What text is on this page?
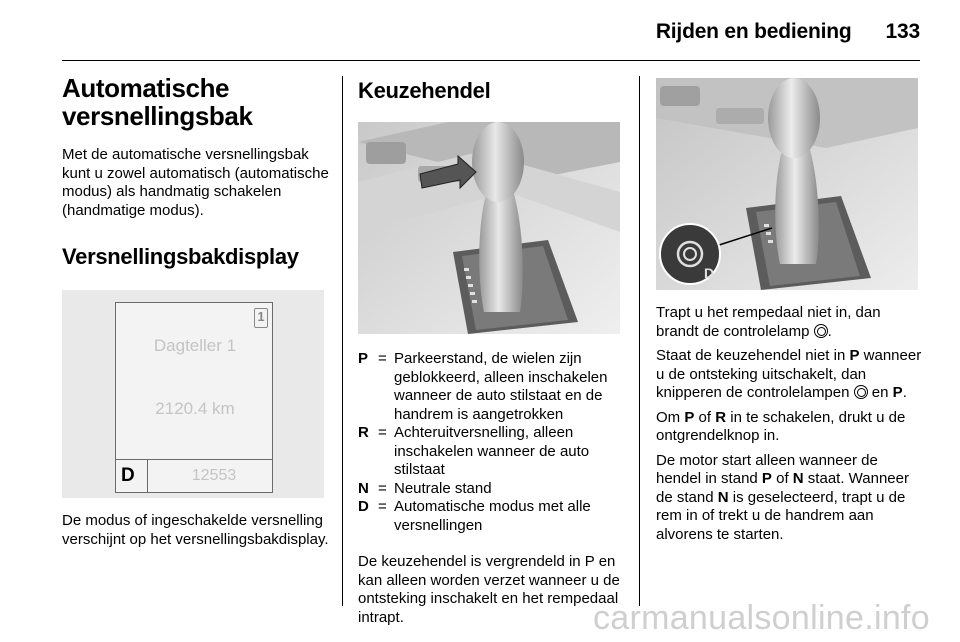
Rijden en bediening 133
Automatische versnellingsbak

Met de automatische versnellingsbak kunt u zowel automatisch (automatische modus) als handmatig schakelen (handmatige modus).

Versnellingsbakdisplay
1
Dagteller 1
2120.4 km
D	12553

De modus of ingeschakelde versnelling verschijnt op het versnellingsbakdisplay.

Keuzehendel
P = Parkeerstand, de wielen zijn geblokkeerd, alleen inschakelen wanneer de auto stilstaat en de handrem is aangetrokken
R = Achteruitversnelling, alleen inschakelen wanneer de auto stilstaat
N = Neutrale stand
D = Automatische modus met alle versnellingen

De keuzehendel is vergrendeld in P en kan alleen worden verzet wanneer u de ontsteking inschakelt en het rempedaal intrapt.

D

Trapt u het rempedaal niet in, dan brandt de controlelamp .

Staat de keuzehendel niet in P wanneer u de ontsteking uitschakelt, dan knipperen de controlelampen  en P.

Om P of R in te schakelen, drukt u de ontgrendelknop in.

De motor start alleen wanneer de hendel in stand P of N staat. Wanneer de stand N is geselecteerd, trapt u de rem in of trekt u de handrem aan alvorens te starten.

carmanualsonline.info
